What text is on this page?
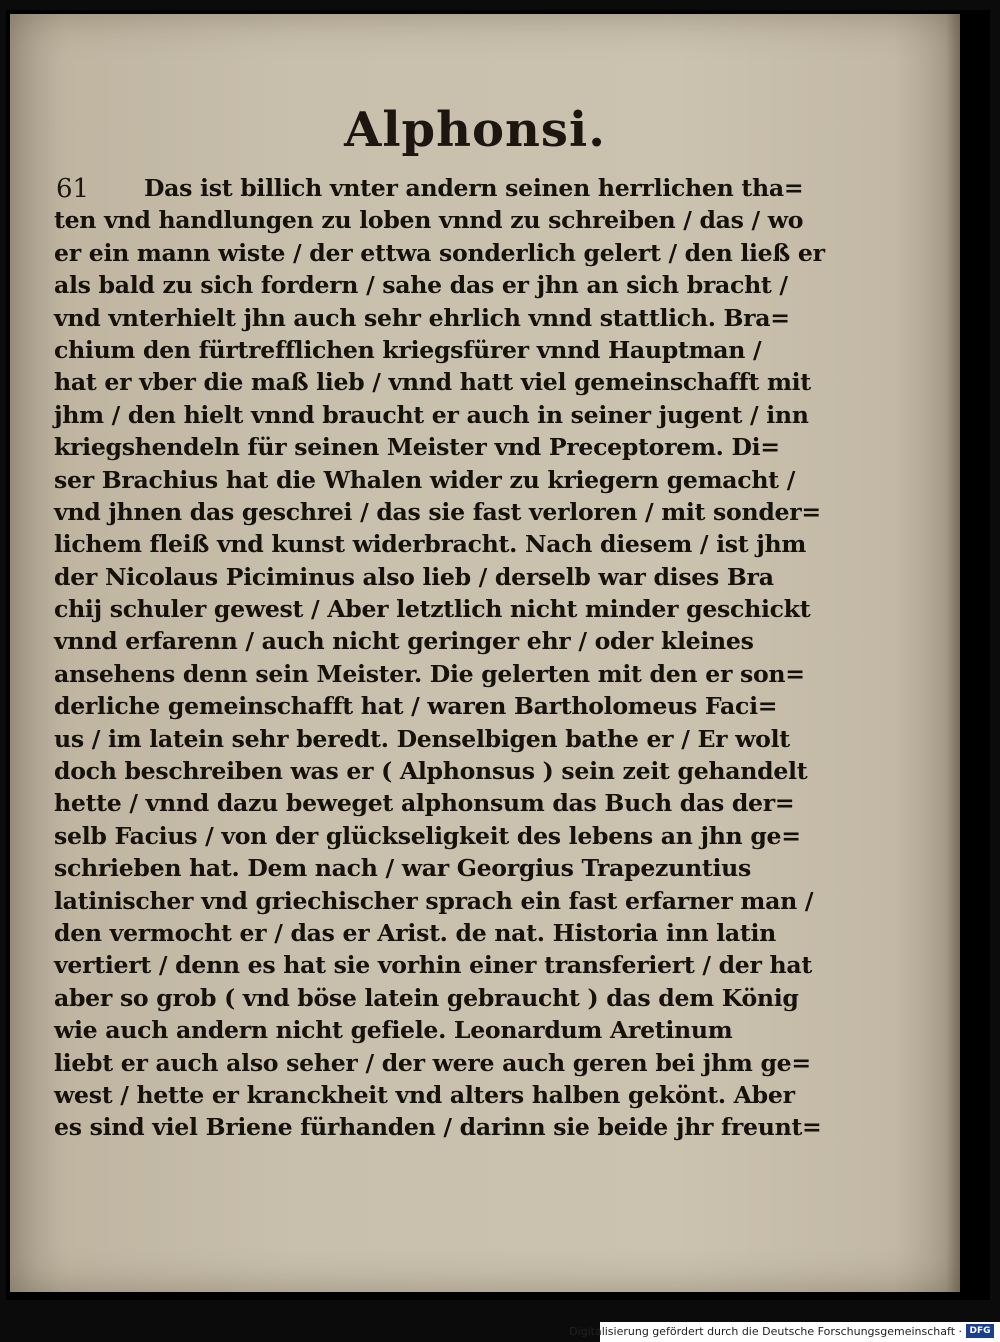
Alphonsi.
61	Das ist billich vnter andern seinen herrlichen tha=
ten vnd handlungen zu loben vnnd zu schreiben / das / wo
er ein mann wiste / der ettwa sonderlich gelert / den ließ er
als bald zu sich fordern / sahe das er jhn an sich bracht /
vnd vnterhielt jhn auch sehr ehrlich vnnd stattlich. Bra=
chium den fürtrefflichen kriegsfürer vnnd Hauptman /
hat er vber die maß lieb / vnnd hatt viel gemeinschafft mit
jhm / den hielt vnnd braucht er auch in seiner jugent / inn
kriegshendeln für seinen Meister vnd Preceptorem. Di=
ser Brachius hat die Whalen wider zu kriegern gemacht /
vnd jhnen das geschrei / das sie fast verloren / mit sonder=
lichem fleiß vnd kunst widerbracht. Nach diesem / ist jhm
der Nicolaus Piciminus also lieb / derselb war dises Bra
chij schuler gewest / Aber letztlich nicht minder geschickt
vnnd erfarenn / auch nicht geringer ehr / oder kleines
ansehens denn sein Meister. Die gelerten mit den er son=
derliche gemeinschafft hat / waren Bartholomeus Faci=
us / im latein sehr beredt. Denselbigen bathe er / Er wolt
doch beschreiben was er ( Alphonsus ) sein zeit gehandelt
hette / vnnd dazu beweget alphonsum das Buch das der=
selb Facius / von der glückseligkeit des lebens an jhn ge=
schrieben hat. Dem nach / war Georgius Trapezuntius
latinischer vnd griechischer sprach ein fast erfarner man /
den vermocht er / das er Arist. de nat. Historia inn latin
vertiert / denn es hat sie vorhin einer transferiert / der hat
aber so grob ( vnd böse latein gebraucht ) das dem König
wie auch andern nicht gefiele. Leonardum Aretinum
liebt er auch also seher / der were auch geren bei jhm ge=
west / hette er kranckheit vnd alters halben gekönt. Aber
es sind viel Briene fürhanden / darinn sie beide jhr freunt=
Digitalisierung gefördert durch die Deutsche Forschungsgemeinschaft · DFG
